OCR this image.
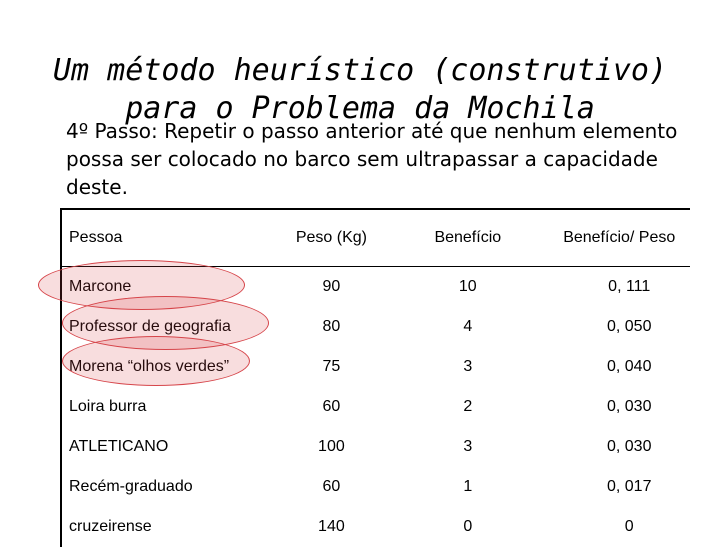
Um método heurístico (construtivo)
para o Problema da Mochila
4º Passo: Repetir o passo anterior até que nenhum elemento possa ser colocado no barco sem ultrapassar a capacidade deste.
Pessoa	Peso (Kg)	Benefício	Benefício/ Peso
Marcone	90	10	0, 111
Professor de geografia	80	4	0, 050
Morena “olhos verdes”	75	3	0, 040
Loira burra	60	2	0, 030
ATLETICANO	100	3	0, 030
Recém-graduado	60	1	0, 017
cruzeirense	140	0	0
